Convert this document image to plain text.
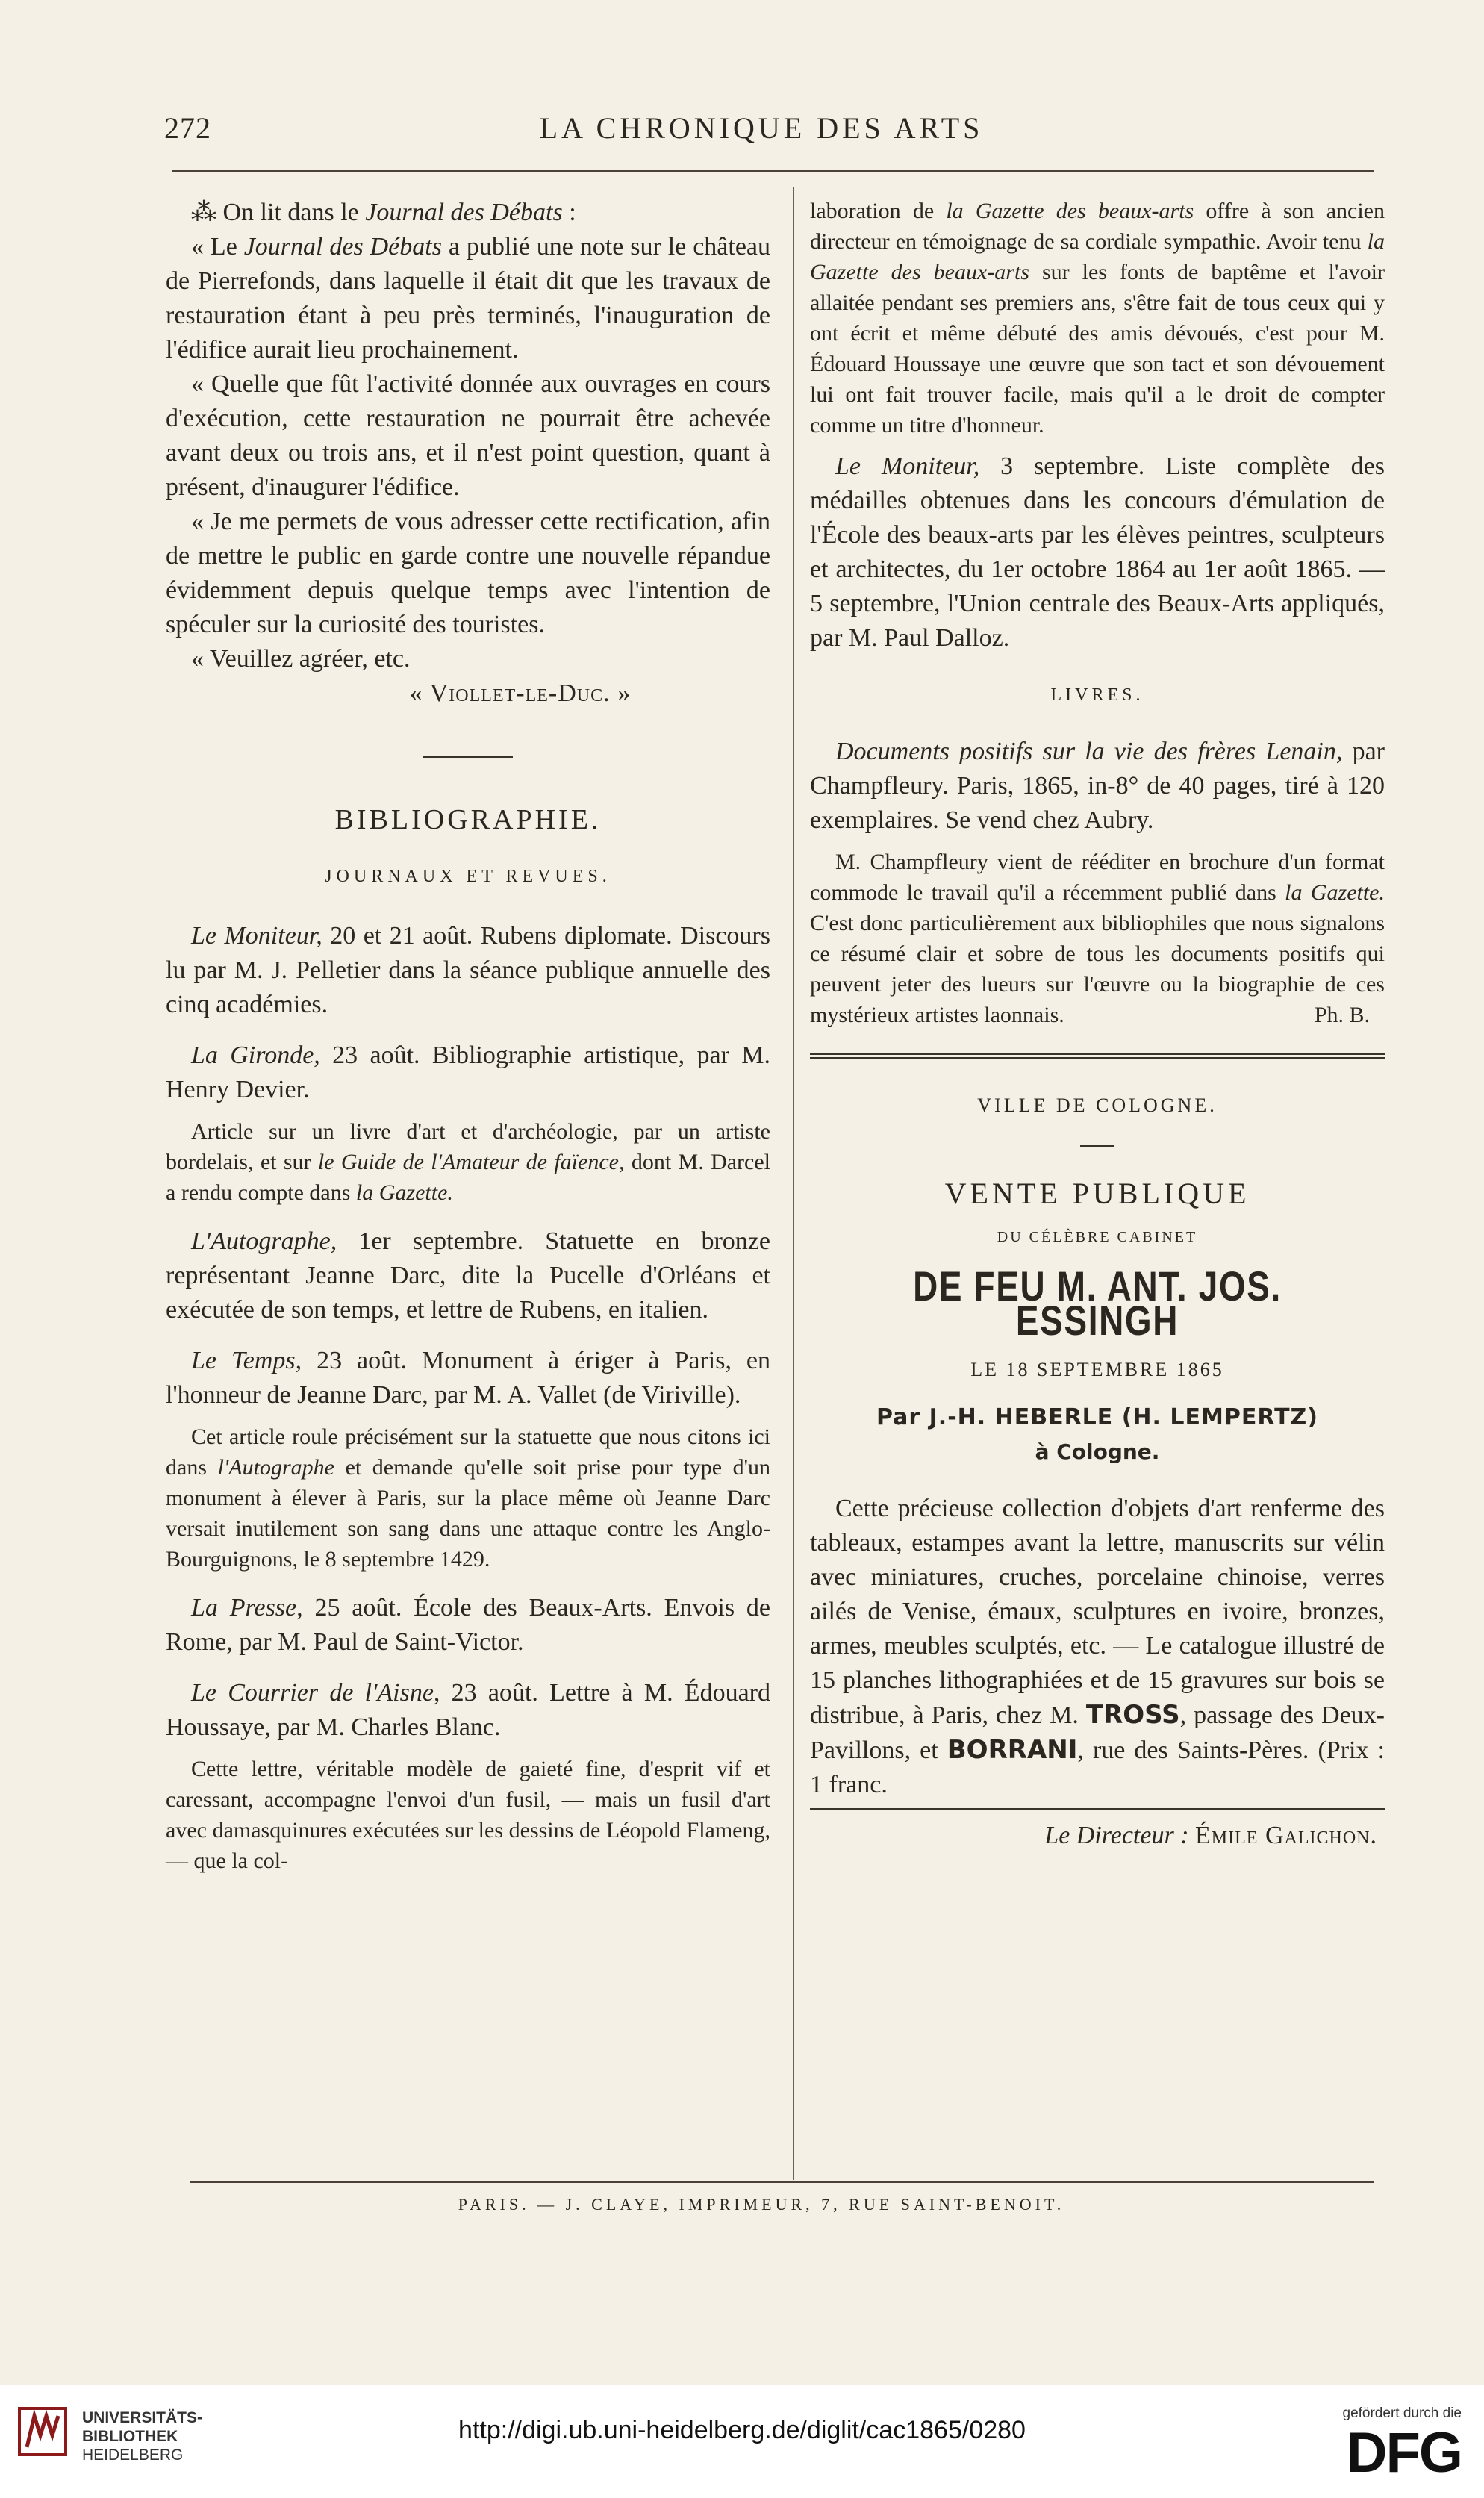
272	LA CHRONIQUE DES ARTS

⁂ On lit dans le Journal des Débats :

« Le Journal des Débats a publié une note sur le château de Pierrefonds, dans laquelle il était dit que les travaux de restauration étant à peu près terminés, l'inauguration de l'édifice aurait lieu prochainement.

« Quelle que fût l'activité donnée aux ouvrages en cours d'exécution, cette restauration ne pourrait être achevée avant deux ou trois ans, et il n'est point question, quant à présent, d'inaugurer l'édifice.

« Je me permets de vous adresser cette rectification, afin de mettre le public en garde contre une nouvelle répandue évidemment depuis quelque temps avec l'intention de spéculer sur la curiosité des touristes.

« Veuillez agréer, etc.

« Viollet-le-Duc. »

BIBLIOGRAPHIE.
JOURNAUX ET REVUES.

Le Moniteur, 20 et 21 août. Rubens diplomate. Discours lu par M. J. Pelletier dans la séance publique annuelle des cinq académies.

La Gironde, 23 août. Bibliographie artistique, par M. Henry Devier.

Article sur un livre d'art et d'archéologie, par un artiste bordelais, et sur le Guide de l'Amateur de faïence, dont M. Darcel a rendu compte dans la Gazette.

L'Autographe, 1er septembre. Statuette en bronze représentant Jeanne Darc, dite la Pucelle d'Orléans et exécutée de son temps, et lettre de Rubens, en italien.

Le Temps, 23 août. Monument à ériger à Paris, en l'honneur de Jeanne Darc, par M. A. Vallet (de Viriville).

Cet article roule précisément sur la statuette que nous citons ici dans l'Autographe et demande qu'elle soit prise pour type d'un monument à élever à Paris, sur la place même où Jeanne Darc versait inutilement son sang dans une attaque contre les Anglo-Bourguignons, le 8 septembre 1429.

La Presse, 25 août. École des Beaux-Arts. Envois de Rome, par M. Paul de Saint-Victor.

Le Courrier de l'Aisne, 23 août. Lettre à M. Édouard Houssaye, par M. Charles Blanc.

Cette lettre, véritable modèle de gaieté fine, d'esprit vif et caressant, accompagne l'envoi d'un fusil, — mais un fusil d'art avec damasquinures exécutées sur les dessins de Léopold Flameng, — que la col-

laboration de la Gazette des beaux-arts offre à son ancien directeur en témoignage de sa cordiale sympathie. Avoir tenu la Gazette des beaux-arts sur les fonts de baptême et l'avoir allaitée pendant ses premiers ans, s'être fait de tous ceux qui y ont écrit et même débuté des amis dévoués, c'est pour M. Édouard Houssaye une œuvre que son tact et son dévouement lui ont fait trouver facile, mais qu'il a le droit de compter comme un titre d'honneur.

Le Moniteur, 3 septembre. Liste complète des médailles obtenues dans les concours d'émulation de l'École des beaux-arts par les élèves peintres, sculpteurs et architectes, du 1er octobre 1864 au 1er août 1865. — 5 septembre, l'Union centrale des Beaux-Arts appliqués, par M. Paul Dalloz.

LIVRES.

Documents positifs sur la vie des frères Lenain, par Champfleury. Paris, 1865, in-8° de 40 pages, tiré à 120 exemplaires. Se vend chez Aubry.

M. Champfleury vient de rééditer en brochure d'un format commode le travail qu'il a récemment publié dans la Gazette. C'est donc particulièrement aux bibliophiles que nous signalons ce résumé clair et sobre de tous les documents positifs qui peuvent jeter des lueurs sur l'œuvre ou la biographie de ces mystérieux artistes laonnais.	Ph. B.

VILLE DE COLOGNE.
VENTE PUBLIQUE
DU CÉLÈBRE CABINET
DE FEU M. ANT. JOS. ESSINGH
LE 18 SEPTEMBRE 1865
Par J.-H. HEBERLE (H. LEMPERTZ)
à Cologne.

Cette précieuse collection d'objets d'art renferme des tableaux, estampes avant la lettre, manuscrits sur vélin avec miniatures, cruches, porcelaine chinoise, verres ailés de Venise, émaux, sculptures en ivoire, bronzes, armes, meubles sculptés, etc. — Le catalogue illustré de 15 planches lithographiées et de 15 gravures sur bois se distribue, à Paris, chez M. TROSS, passage des Deux-Pavillons, et BORRANI, rue des Saints-Pères. (Prix : 1 franc.

Le Directeur : Émile Galichon.

PARIS. — J. CLAYE, IMPRIMEUR, 7, RUE SAINT-BENOIT.
UNIVERSITÄTS-
BIBLIOTHEK
HEIDELBERG
http://digi.ub.uni-heidelberg.de/diglit/cac1865/0280
gefördert durch die
DFG
